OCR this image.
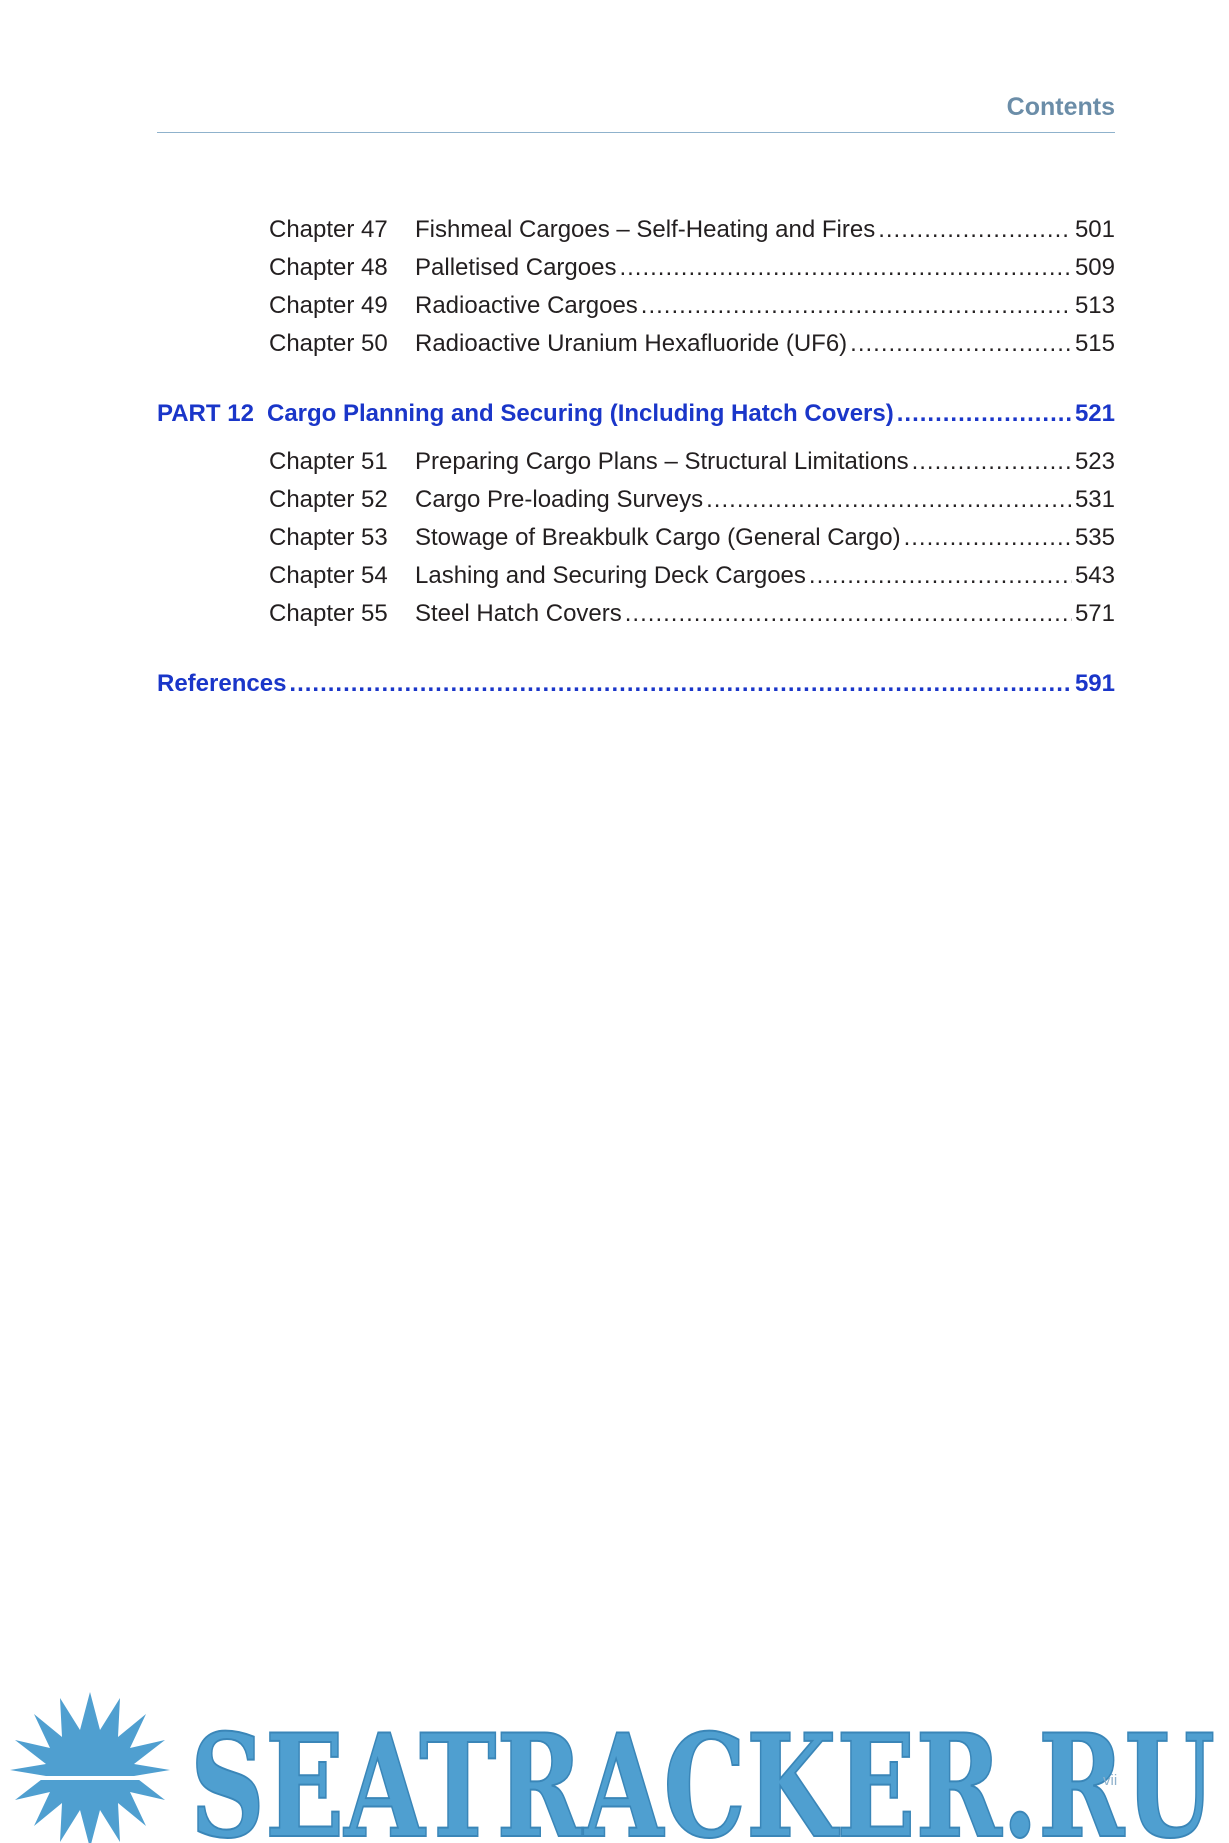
Contents
Chapter 47 Fishmeal Cargoes – Self-Heating and Fires .....	501
Chapter 48 Palletised Cargoes .....	509
Chapter 49 Radioactive Cargoes .....	513
Chapter 50 Radioactive Uranium Hexafluoride (UF6) .....	515
PART 12 Cargo Planning and Securing (Including Hatch Covers) .....	521
Chapter 51 Preparing Cargo Plans – Structural Limitations .....	523
Chapter 52 Cargo Pre-loading Surveys .....	531
Chapter 53 Stowage of Breakbulk Cargo (General Cargo) .....	535
Chapter 54 Lashing and Securing Deck Cargoes .....	543
Chapter 55 Steel Hatch Covers .....	571
References .....	591
SEATRACKER.RU
vii
